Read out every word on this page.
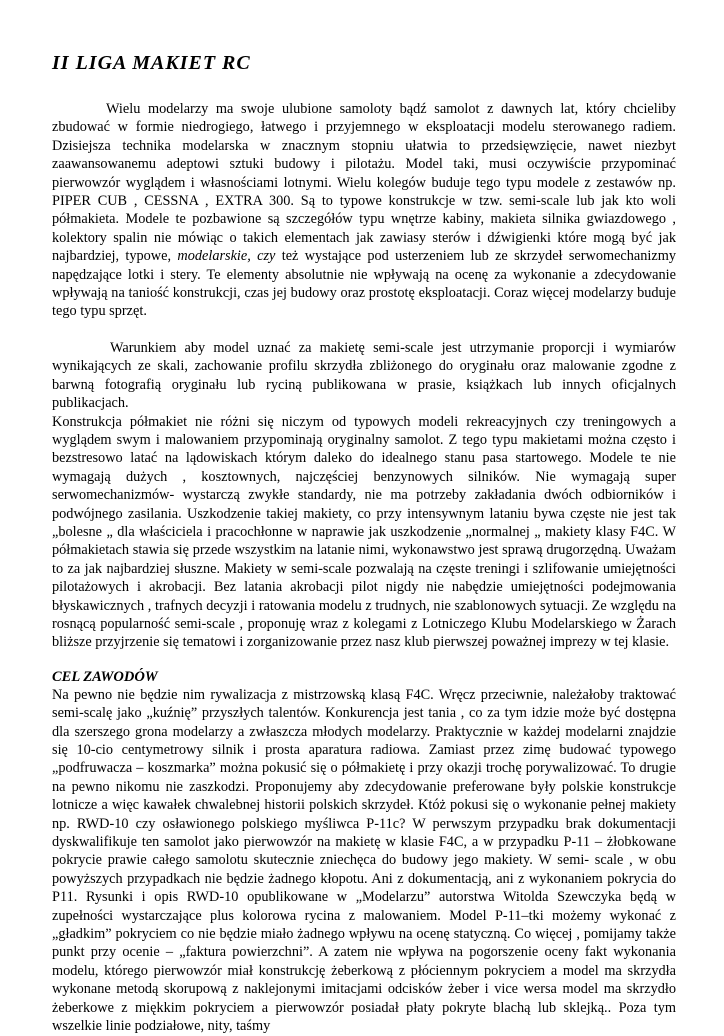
II LIGA MAKIET RC

Wielu modelarzy ma swoje ulubione samoloty bądź samolot z dawnych lat, który chcieliby zbudować w formie niedrogiego, łatwego i przyjemnego w eksploatacji modelu sterowanego radiem. Dzisiejsza technika modelarska w znacznym stopniu ułatwia to przedsięwzięcie, nawet niezbyt zaawansowanemu adeptowi sztuki budowy i pilotażu. Model taki, musi oczywiście przypominać pierwowzór wyglądem i własnościami lotnymi. Wielu kolegów buduje tego typu modele z zestawów np. PIPER CUB , CESSNA , EXTRA 300. Są to typowe konstrukcje w tzw. semi-scale lub jak kto woli półmakieta. Modele te pozbawione są szczegółów typu wnętrze kabiny, makieta silnika gwiazdowego , kolektory spalin nie mówiąc o takich elementach jak zawiasy sterów i dźwigienki które mogą być jak najbardziej, typowe, modelarskie, czy też wystające pod usterzeniem lub ze skrzydeł serwomechanizmy napędzające lotki i stery. Te elementy absolutnie nie wpływają na ocenę za wykonanie a zdecydowanie wpływają na taniość konstrukcji, czas jej budowy oraz prostotę eksploatacji. Coraz więcej modelarzy buduje tego typu sprzęt.

Warunkiem aby model uznać za makietę semi-scale jest utrzymanie proporcji i wymiarów wynikających ze skali, zachowanie profilu skrzydła zbliżonego do oryginału oraz malowanie zgodne z barwną fotografią oryginału lub ryciną publikowana w prasie, książkach lub innych oficjalnych publikacjach.

Konstrukcja półmakiet nie różni się niczym od typowych modeli rekreacyjnych czy treningowych a wyglądem swym i malowaniem przypominają oryginalny samolot. Z tego typu makietami można często i bezstresowo latać na lądowiskach którym daleko do idealnego stanu pasa startowego. Modele te nie wymagają dużych , kosztownych, najczęściej benzynowych silników. Nie wymagają super serwomechanizmów- wystarczą zwykłe standardy, nie ma potrzeby zakładania dwóch odbiorników i podwójnego zasilania. Uszkodzenie takiej makiety, co przy intensywnym lataniu bywa częste nie jest tak „bolesne „ dla właściciela i pracochłonne w naprawie jak uszkodzenie „normalnej „ makiety klasy F4C. W półmakietach stawia się przede wszystkim na latanie nimi, wykonawstwo jest sprawą drugorzędną. Uważam to za jak najbardziej słuszne. Makiety w semi-scale pozwalają na częste treningi i szlifowanie umiejętności pilotażowych i akrobacji. Bez latania akrobacji pilot nigdy nie nabędzie umiejętności podejmowania błyskawicznych , trafnych decyzji i ratowania modelu z trudnych, nie szablonowych sytuacji. Ze względu na rosnącą popularność semi-scale , proponuję wraz z kolegami z Lotniczego Klubu Modelarskiego w Żarach bliższe przyjrzenie się tematowi i zorganizowanie przez nasz klub pierwszej poważnej imprezy w tej klasie.

CEL ZAWODÓW

Na pewno nie będzie nim rywalizacja z mistrzowską klasą F4C. Wręcz przeciwnie, należałoby traktować semi-scalę jako „kuźnię” przyszłych talentów. Konkurencja jest tania , co za tym idzie może być dostępna dla szerszego grona modelarzy a zwłaszcza młodych modelarzy. Praktycznie w każdej modelarni znajdzie się 10-cio centymetrowy silnik i prosta aparatura radiowa. Zamiast przez zimę budować typowego „podfruwacza – koszmarka” można pokusić się o półmakietę i przy okazji trochę porywalizować. To drugie na pewno nikomu nie zaszkodzi. Proponujemy aby zdecydowanie preferowane były polskie konstrukcje lotnicze a więc kawałek chwalebnej historii polskich skrzydeł. Któż pokusi się o wykonanie pełnej makiety np. RWD-10 czy osławionego polskiego myśliwca P-11c? W perwszym przypadku brak dokumentacji dyskwalifikuje ten samolot jako pierwowzór na makietę w klasie F4C, a w przypadku P-11 – żłobkowane pokrycie prawie całego samolotu skutecznie zniechęca do budowy jego makiety. W semi- scale , w obu powyższych przypadkach nie będzie żadnego kłopotu. Ani z dokumentacją, ani z wykonaniem pokrycia do P11. Rysunki i opis RWD-10 opublikowane w „Modelarzu” autorstwa Witolda Szewczyka będą w zupełności wystarczające plus kolorowa rycina z malowaniem. Model P-11–tki możemy wykonać z „gładkim” pokryciem co nie będzie miało żadnego wpływu na ocenę statyczną. Co więcej , pomijamy także punkt przy ocenie – „faktura powierzchni”. A zatem nie wpływa na pogorszenie oceny fakt wykonania modelu, którego pierwowzór miał konstrukcję żeberkową z płóciennym pokryciem a model ma skrzydła wykonane metodą skorupową z naklejonymi imitacjami odcisków żeber i vice wersa model ma skrzydło żeberkowe z miękkim pokryciem a pierwowzór posiadał płaty pokryte blachą lub sklejką.. Poza tym wszelkie linie podziałowe, nity, taśmy
